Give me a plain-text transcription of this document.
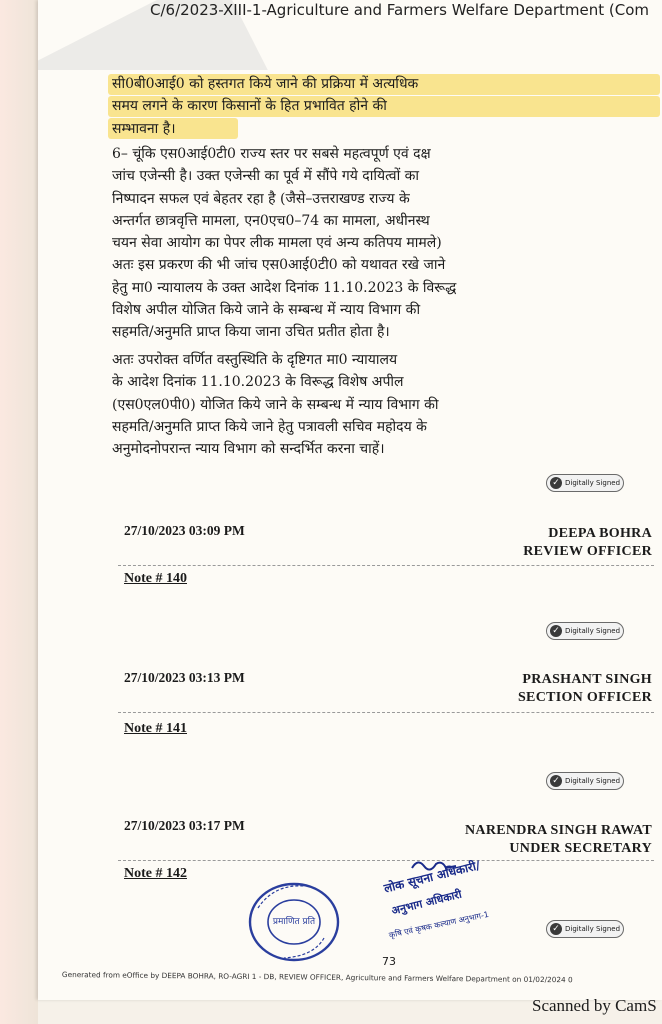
C/6/2023-XIII-1-Agriculture and Farmers Welfare Department (Com
सी0बी0आई0 को हस्तगत किये जाने की प्रक्रिया में अत्यधिक
समय लगने के कारण किसानों के हित प्रभावित होने की
सम्भावना है।
6– चूंकि एस0आई0टी0 राज्य स्तर पर सबसे महत्वपूर्ण एवं दक्ष
जांच एजेन्सी है। उक्त एजेन्सी का पूर्व में सौंपे गये दायित्वों का
निष्पादन सफल एवं बेहतर रहा है (जैसे–उत्तराखण्ड राज्य के
अन्तर्गत छात्रवृत्ति मामला, एन0एच0–74 का मामला, अधीनस्थ
चयन सेवा आयोग का पेपर लीक मामला एवं अन्य कतिपय मामले)
अतः इस प्रकरण की भी जांच एस0आई0टी0 को यथावत रखे जाने
हेतु मा0 न्यायालय के उक्त आदेश दिनांक 11.10.2023 के विरूद्ध
विशेष अपील योजित किये जाने के सम्बन्ध में न्याय विभाग की
सहमति/अनुमति प्राप्त किया जाना उचित प्रतीत होता है।
अतः उपरोक्त वर्णित वस्तुस्थिति के दृष्टिगत मा0 न्यायालय
के आदेश दिनांक 11.10.2023 के विरूद्ध विशेष अपील
(एस0एल0पी0) योजित किये जाने के सम्बन्ध में न्याय विभाग की
सहमति/अनुमति प्राप्त किये जाने हेतु पत्रावली सचिव महोदय के
अनुमोदनोपरान्त न्याय विभाग को सन्दर्भित करना चाहें।
✓ Digitally Signed
27/10/2023 03:09 PM	DEEPA BOHRA
REVIEW OFFICER
Note # 140
✓ Digitally Signed
27/10/2023 03:13 PM	PRASHANT SINGH
SECTION OFFICER
Note # 141
✓ Digitally Signed
27/10/2023 03:17 PM	NARENDRA SINGH RAWAT
UNDER SECRETARY
Note # 142
प्रमाणित प्रति
लोक सूचना अधिकारी/
अनुभाग अधिकारी
कृषि एवं कृषक कल्याण अनुभाग-1	✓ Digitally Signed
73
Generated from eOffice by DEEPA BOHRA, RO-AGRI 1 - DB, REVIEW OFFICER, Agriculture and Farmers Welfare Department on 01/02/2024 0
Scanned by CamS
